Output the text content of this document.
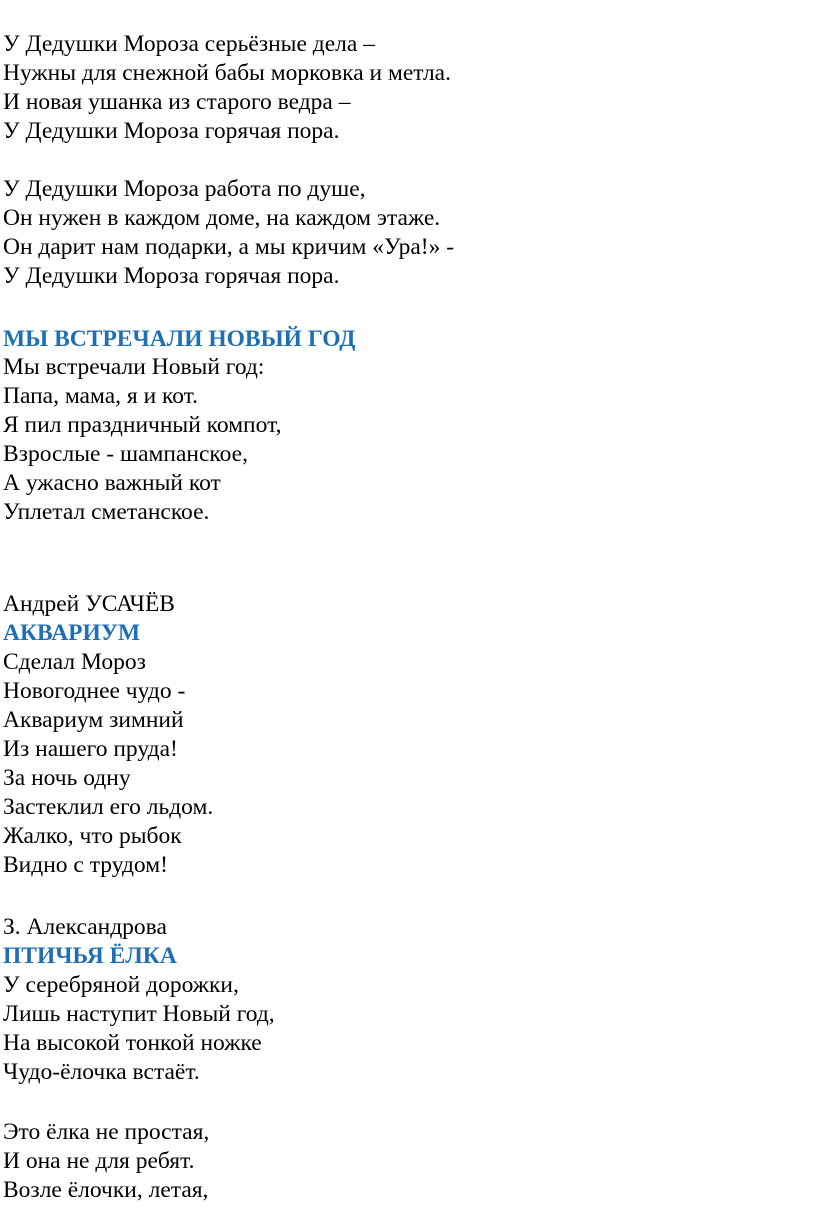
У Дедушки Мороза серьёзные дела –
Нужны для снежной бабы морковка и метла.
И новая ушанка из старого ведра –
У Дедушки Мороза горячая пора.
У Дедушки Мороза работа по душе,
Он нужен в каждом доме, на каждом этаже.
Он дарит нам подарки, а мы кричим «Ура!» -
У Дедушки Мороза горячая пора.
МЫ ВСТРЕЧАЛИ НОВЫЙ ГОД
Мы встречали Новый год:
Папа, мама, я и кот.
Я пил праздничный компот,
Взрослые - шампанское,
А ужасно важный кот
Уплетал сметанское.
Андрей УСАЧЁВ
АКВАРИУМ
Сделал Мороз
Новогоднее чудо -
Аквариум зимний
Из нашего пруда!
За ночь одну
Застеклил его льдом.
Жалко, что рыбок
Видно с трудом!
З. Александрова
ПТИЧЬЯ ЁЛКА
У серебряной дорожки,
Лишь наступит Новый год,
На высокой тонкой ножке
Чудо-ёлочка встаёт.
Это ёлка не простая,
И она не для ребят.
Возле ёлочки, летая,
